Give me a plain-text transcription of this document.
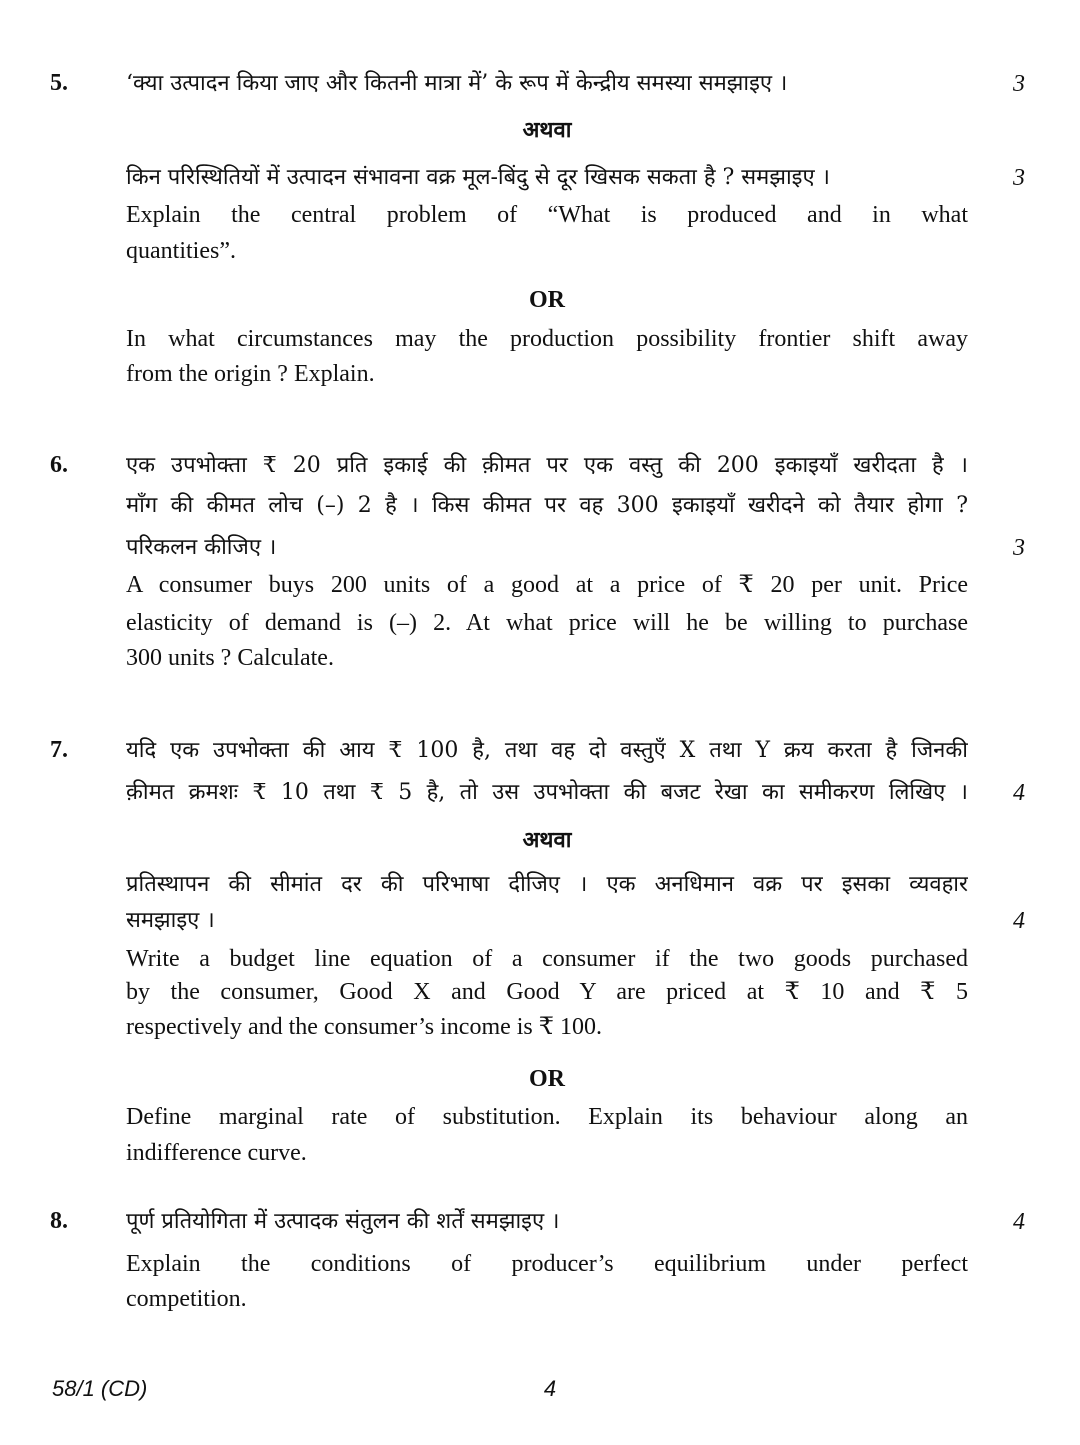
5.	‘क्या उत्पादन किया जाए और कितनी मात्रा में’ के रूप में केन्द्रीय समस्या समझाइए ।	3
अथवा
किन परिस्थितियों में उत्पादन संभावना वक्र मूल-बिंदु से दूर खिसक सकता है ? समझाइए ।	3
Explain the central problem of “What is produced and in what
quantities”.
OR
In what circumstances may the production possibility frontier shift away
from the origin ? Explain.
6.	एक उपभोक्ता ₹ 20 प्रति इकाई की क़ीमत पर एक वस्तु की 200 इकाइयाँ खरीदता है ।
माँग की कीमत लोच (–) 2 है । किस कीमत पर वह 300 इकाइयाँ खरीदने को तैयार होगा ?
परिकलन कीजिए ।	3
A consumer buys 200 units of a good at a price of ₹ 20 per unit. Price
elasticity of demand is (–) 2. At what price will he be willing to purchase
300 units ? Calculate.
7.	यदि एक उपभोक्ता की आय ₹ 100 है, तथा वह दो वस्तुएँ X तथा Y क्रय करता है जिनकी
क़ीमत क्रमशः ₹ 10 तथा ₹ 5 है, तो उस उपभोक्ता की बजट रेखा का समीकरण लिखिए ।	4
अथवा
प्रतिस्थापन की सीमांत दर की परिभाषा दीजिए । एक अनधिमान वक्र पर इसका व्यवहार
समझाइए ।	4
Write a budget line equation of a consumer if the two goods purchased
by the consumer, Good X and Good Y are priced at ₹ 10 and ₹ 5
respectively and the consumer’s income is ₹ 100.
OR
Define marginal rate of substitution. Explain its behaviour along an
indifference curve.
8.	पूर्ण प्रतियोगिता में उत्पादक संतुलन की शर्तें समझाइए ।	4
Explain the conditions of producer’s equilibrium under perfect
competition.
58/1 (CD)	4
